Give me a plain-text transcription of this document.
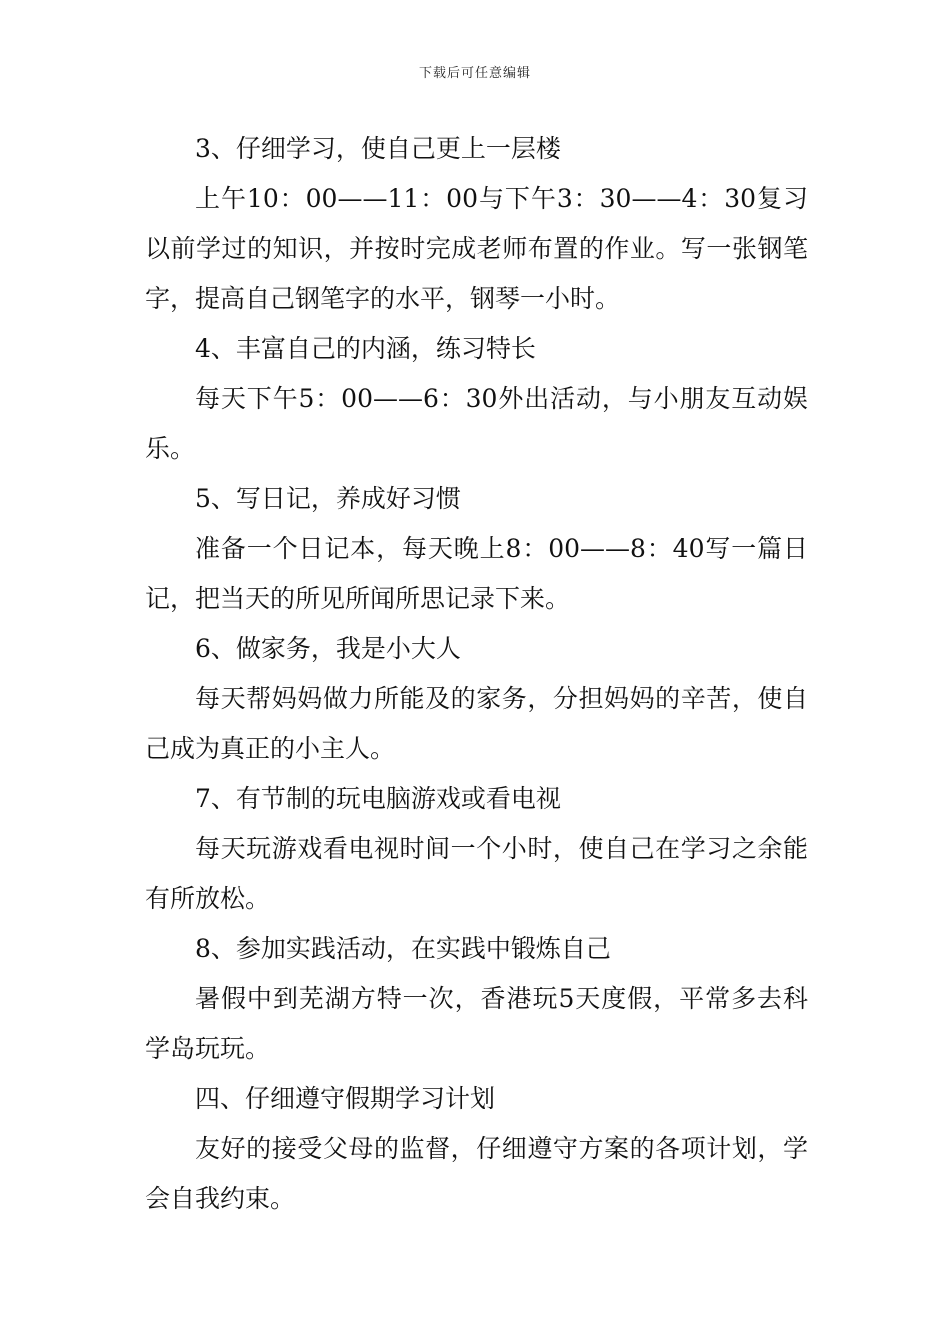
下载后可任意编辑

3、仔细学习，使自己更上一层楼

上午10：00——11：00与下午3：30——4：30复习以前学过的知识，并按时完成老师布置的作业。写一张钢笔字，提高自己钢笔字的水平，钢琴一小时。

4、丰富自己的内涵，练习特长

每天下午5：00——6：30外出活动，与小朋友互动娱乐。

5、写日记，养成好习惯

准备一个日记本，每天晚上8：00——8：40写一篇日记，把当天的所见所闻所思记录下来。

6、做家务，我是小大人

每天帮妈妈做力所能及的家务，分担妈妈的辛苦，使自己成为真正的小主人。

7、有节制的玩电脑游戏或看电视

每天玩游戏看电视时间一个小时，使自己在学习之余能有所放松。

8、参加实践活动，在实践中锻炼自己

暑假中到芜湖方特一次，香港玩5天度假，平常多去科学岛玩玩。

四、仔细遵守假期学习计划

友好的接受父母的监督，仔细遵守方案的各项计划，学会自我约束。
